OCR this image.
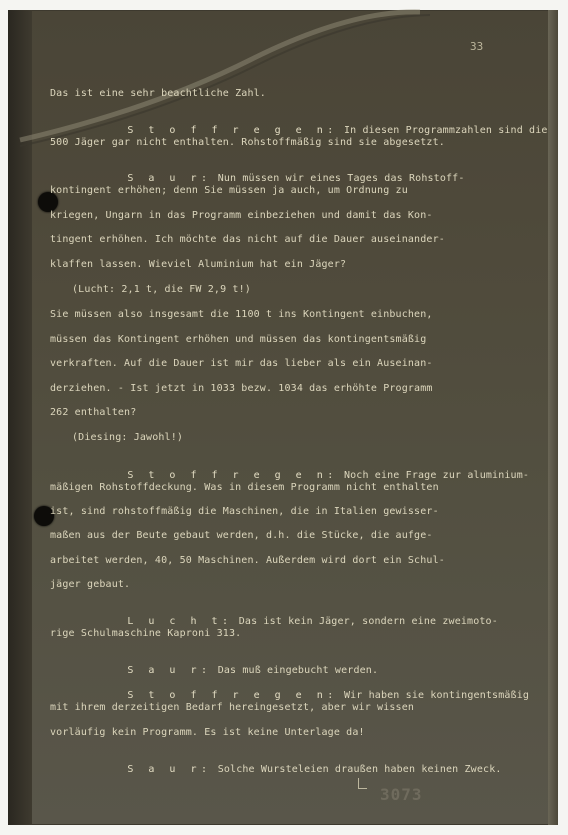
33
Das ist eine sehr beachtliche Zahl.

S t o f f r e g e n: In diesen Programmzahlen sind die

500 Jäger gar nicht enthalten. Rohstoffmäßig sind sie abgesetzt.

S a u r: Nun müssen wir eines Tages das Rohstoff-

kontingent erhöhen; denn Sie müssen ja auch, um Ordnung zu
kriegen, Ungarn in das Programm einbeziehen und damit das Kon-
tingent erhöhen. Ich möchte das nicht auf die Dauer auseinander-
klaffen lassen. Wieviel Aluminium hat ein Jäger?
(Lucht: 2,1 t, die FW 2,9 t!)
Sie müssen also insgesamt die 1100 t ins Kontingent einbuchen,
müssen das Kontingent erhöhen und müssen das kontingentsmäßig
verkraften. Auf die Dauer ist mir das lieber als ein Auseinan-
derziehen. - Ist jetzt in 1033 bezw. 1034 das erhöhte Programm
262 enthalten?
(Diesing: Jawohl!)

S t o f f r e g e n: Noch eine Frage zur aluminium-

mäßigen Rohstoffdeckung. Was in diesem Programm nicht enthalten
ist, sind rohstoffmäßig die Maschinen, die in Italien gewisser-
maßen aus der Beute gebaut werden, d.h. die Stücke, die aufge-
arbeitet werden, 40, 50 Maschinen. Außerdem wird dort ein Schul-
jäger gebaut.

L u c h t: Das ist kein Jäger, sondern eine zweimoto-

rige Schulmaschine Kaproni 313.

S a u r: Das muß eingebucht werden.

S t o f f r e g e n: Wir haben sie kontingentsmäßig

mit ihrem derzeitigen Bedarf hereingesetzt, aber wir wissen
vorläufig kein Programm. Es ist keine Unterlage da!

S a u r: Solche Wursteleien draußen haben keinen Zweck.

3073
